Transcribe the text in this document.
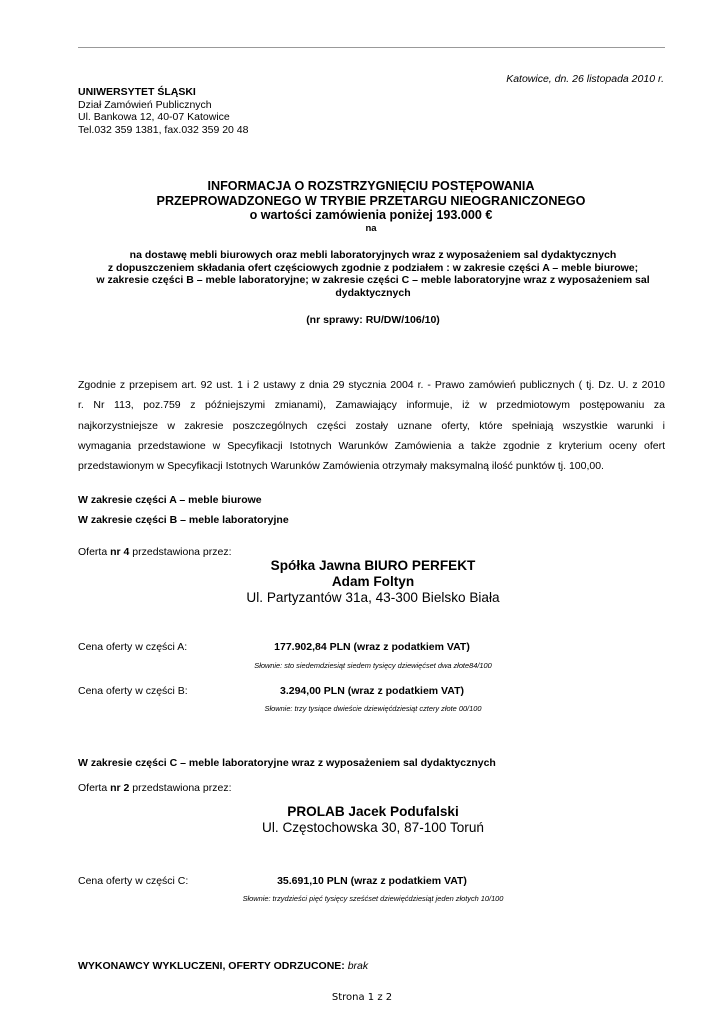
Katowice, dn. 26 listopada 2010 r.
UNIWERSYTET ŚLĄSKI
Dział Zamówień Publicznych
Ul. Bankowa 12, 40-07 Katowice
Tel.032 359 1381, fax.032 359 20 48
INFORMACJA O ROZSTRZYGNIĘCIU POSTĘPOWANIA
PRZEPROWADZONEGO W TRYBIE PRZETARGU NIEOGRANICZONEGO
o wartości zamówienia poniżej 193.000 €
na
na dostawę mebli biurowych oraz mebli laboratoryjnych wraz z wyposażeniem sal dydaktycznych
z dopuszczeniem składania ofert częściowych zgodnie z podziałem : w zakresie części A – meble biurowe;
w zakresie części B – meble laboratoryjne; w zakresie części C – meble laboratoryjne wraz z wyposażeniem sal
dydaktycznych
(nr sprawy: RU/DW/106/10)
Zgodnie z przepisem art. 92 ust. 1 i 2 ustawy z dnia 29 stycznia 2004 r. - Prawo zamówień publicznych ( tj. Dz. U. z 2010
r. Nr 113, poz.759 z późniejszymi zmianami), Zamawiający informuje, iż w przedmiotowym postępowaniu za
najkorzystniejsze w zakresie poszczególnych części zostały uznane oferty, które spełniają wszystkie warunki i
wymagania przedstawione w Specyfikacji Istotnych Warunków Zamówienia a także zgodnie z kryterium oceny ofert
przedstawionym w Specyfikacji Istotnych Warunków Zamówienia otrzymały maksymalną ilość punktów tj. 100,00.
W zakresie części A – meble biurowe
W zakresie części B – meble laboratoryjne
Oferta nr 4 przedstawiona przez:
Spółka Jawna BIURO PERFEKT
Adam Foltyn
Ul. Partyzantów 31a, 43-300 Bielsko Biała
Cena oferty w części A:	177.902,84 PLN (wraz z podatkiem VAT)
Słownie: sto siedemdziesiąt siedem tysięcy dziewięćset dwa złote84/100
Cena oferty w części B:	3.294,00 PLN (wraz z podatkiem VAT)
Słownie: trzy tysiące dwieście dziewięćdziesiąt cztery złote 00/100
W zakresie części C – meble laboratoryjne wraz z wyposażeniem sal dydaktycznych
Oferta nr 2 przedstawiona przez:
PROLAB Jacek Podufalski
Ul. Częstochowska 30, 87-100 Toruń
Cena oferty w części C:	35.691,10 PLN (wraz z podatkiem VAT)
Słownie: trzydzieści pięć tysięcy sześćset dziewięćdziesiąt jeden złotych 10/100
WYKONAWCY WYKLUCZENI, OFERTY ODRZUCONE: brak
Strona 1 z 2
